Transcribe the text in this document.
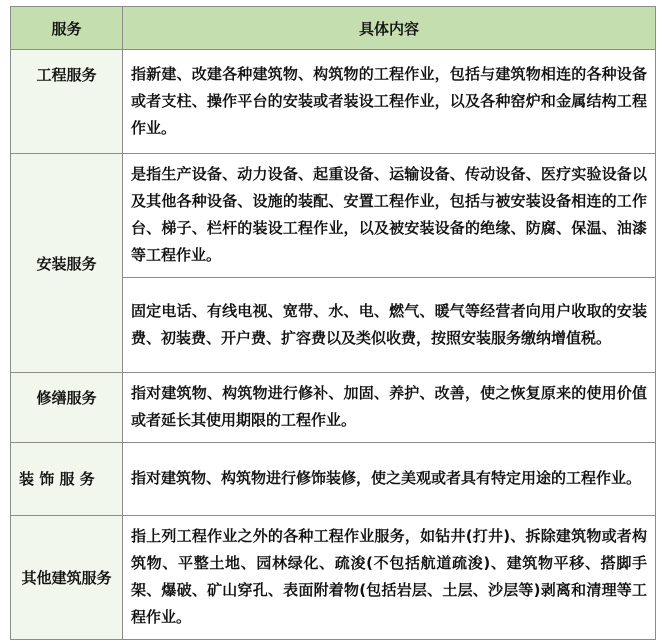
服务	具体内容
工程服务	指新建、改建各种建筑物、构筑物的工程作业，包括与建筑物相连的各种设备或者支柱、操作平台的安装或者装设工程作业，以及各种窑炉和金属结构工程作业。
安装服务	是指生产设备、动力设备、起重设备、运输设备、传动设备、医疗实验设备以及其他各种设备、设施的装配、安置工程作业，包括与被安装设备相连的工作台、梯子、栏杆的装设工程作业，以及被安装设备的绝缘、防腐、保温、油漆等工程作业。
	固定电话、有线电视、宽带、水、电、燃气、暖气等经营者向用户收取的安装费、初装费、开户费、扩容费以及类似收费，按照安装服务缴纳增值税。
修缮服务	指对建筑物、构筑物进行修补、加固、养护、改善，使之恢复原来的使用价值或者延长其使用期限的工程作业。
装 饰 服 务	指对建筑物、构筑物进行修饰装修，使之美观或者具有特定用途的工程作业。
其他建筑服务	指上列工程作业之外的各种工程作业服务，如钻井(打井)、拆除建筑物或者构筑物、平整土地、园林绿化、疏浚(不包括航道疏浚)、建筑物平移、搭脚手架、爆破、矿山穿孔、表面附着物(包括岩层、土层、沙层等)剥离和清理等工程作业。
